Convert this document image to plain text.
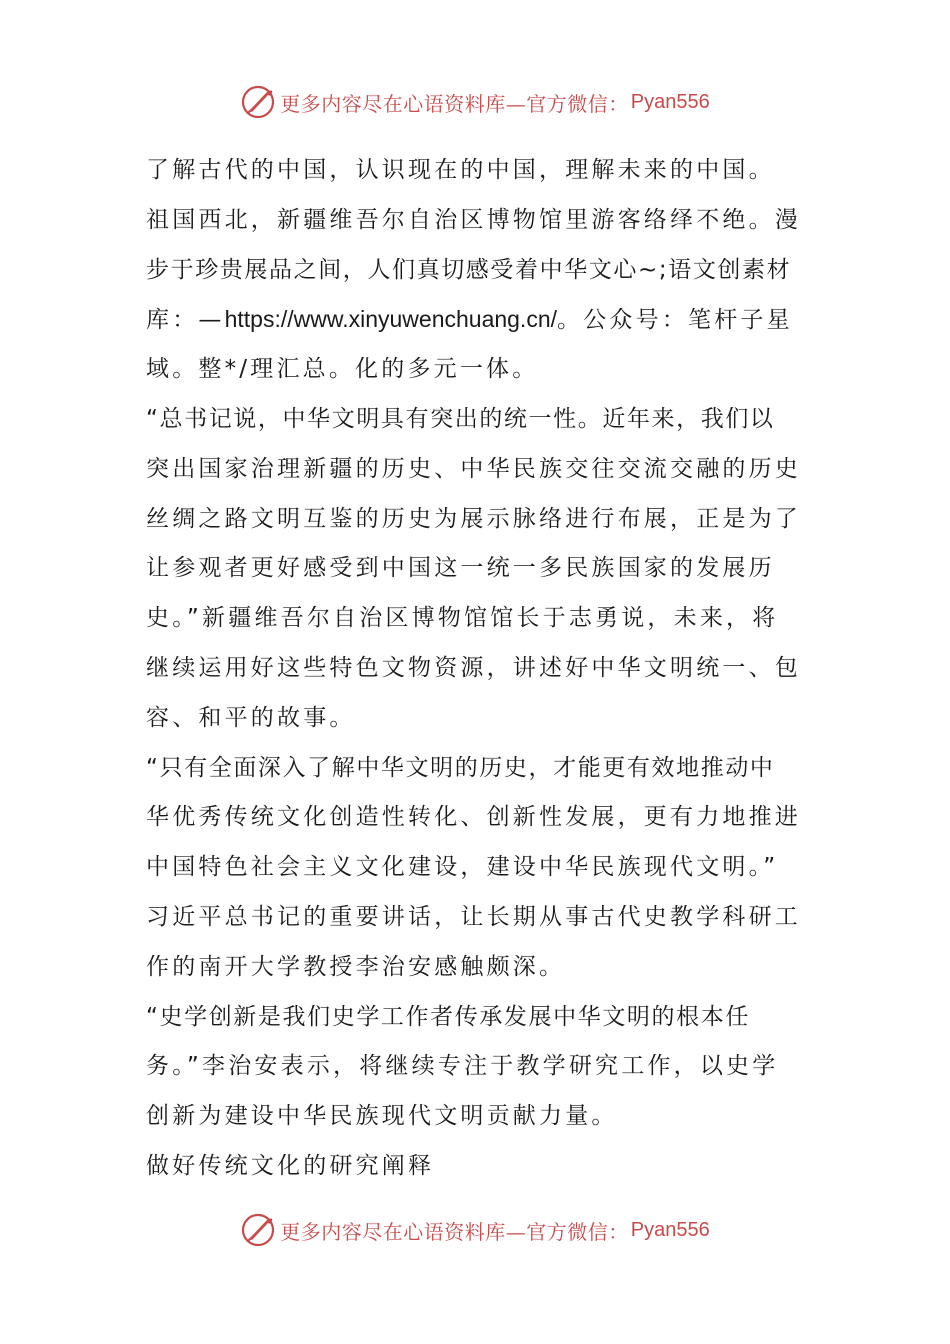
更多内容尽在心语资料库—官方微信： Pyan556
了解古代的中国，认识现在的中国，理解未来的中国。
祖国西北，新疆维吾尔自治区博物馆里游客络绎不绝。漫
步于珍贵展品之间，人们真切感受着中华文心~;语文创素材
库：—https://www.xinyuwenchuang.cn/。公众号：笔杆子星
域。整*/理汇总。化的多元一体。
“总书记说，中华文明具有突出的统一性。近年来，我们以
突出国家治理新疆的历史、中华民族交往交流交融的历史
丝绸之路文明互鉴的历史为展示脉络进行布展，正是为了
让参观者更好感受到中国这一统一多民族国家的发展历
史。”新疆维吾尔自治区博物馆馆长于志勇说，未来，将
继续运用好这些特色文物资源，讲述好中华文明统一、包
容、和平的故事。
“只有全面深入了解中华文明的历史，才能更有效地推动中
华优秀传统文化创造性转化、创新性发展，更有力地推进
中国特色社会主义文化建设，建设中华民族现代文明。”
习近平总书记的重要讲话，让长期从事古代史教学科研工
作的南开大学教授李治安感触颇深。
“史学创新是我们史学工作者传承发展中华文明的根本任
务。”李治安表示，将继续专注于教学研究工作，以史学
创新为建设中华民族现代文明贡献力量。
做好传统文化的研究阐释
更多内容尽在心语资料库—官方微信： Pyan556
